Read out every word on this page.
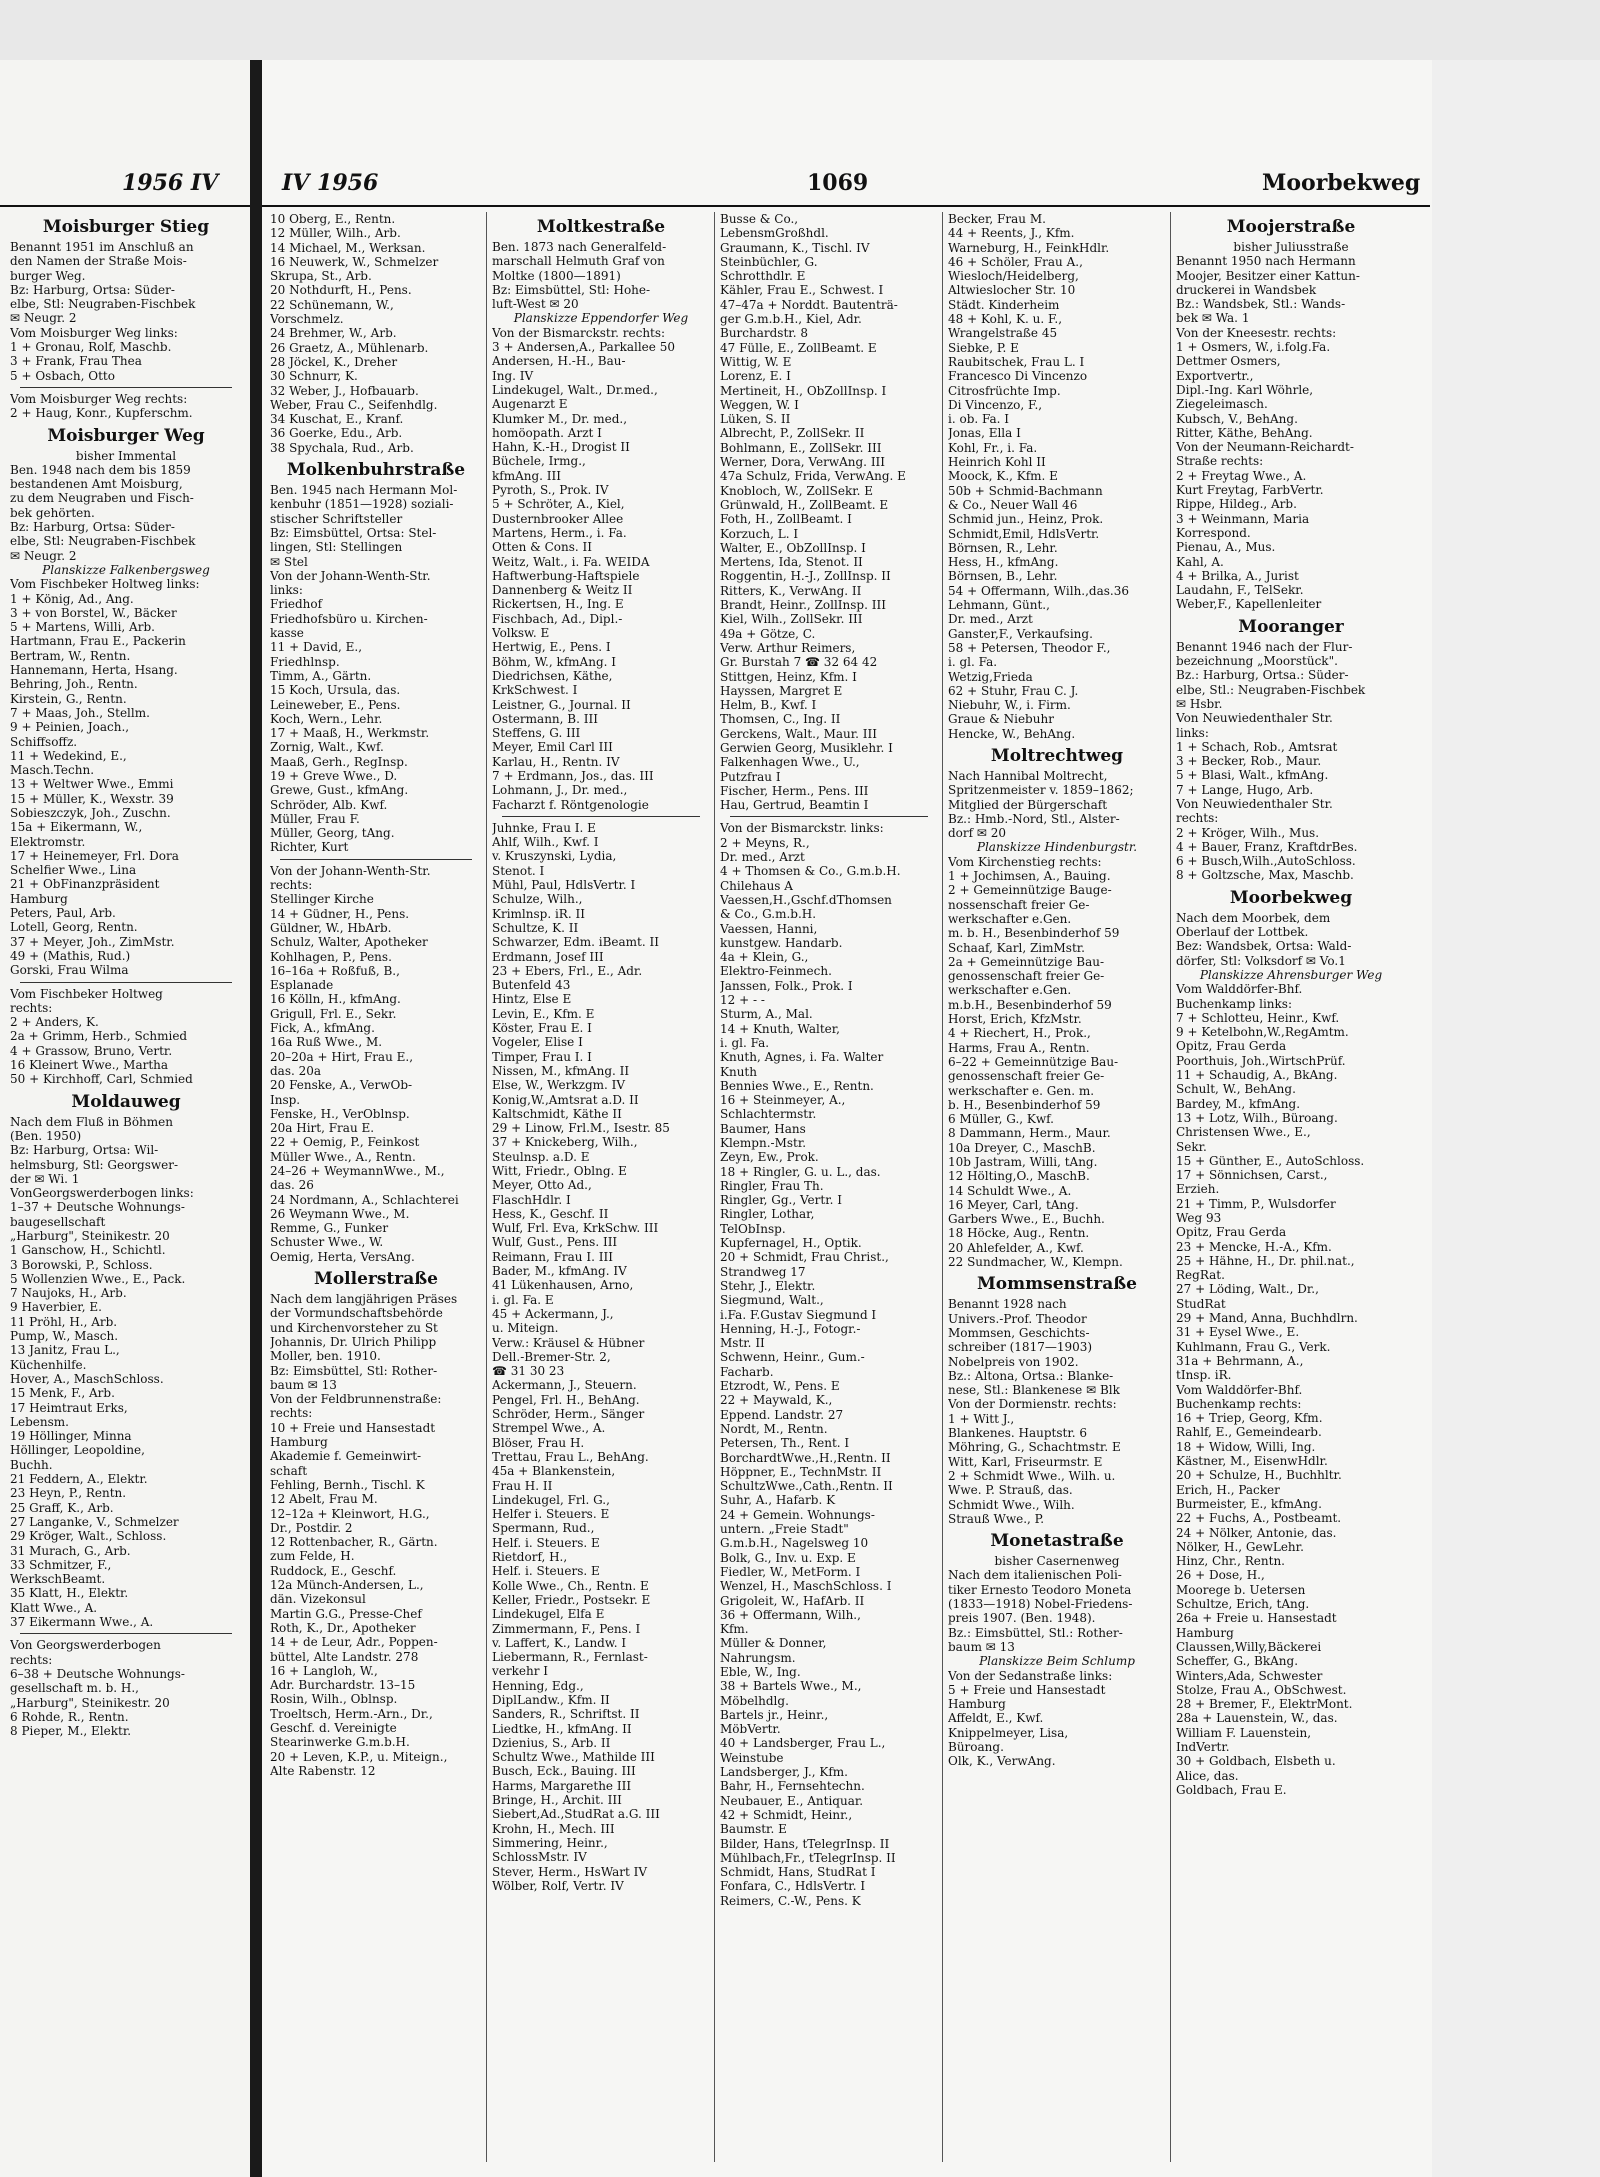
1956 IV
Moisburger Stieg
Benannt 1951 im Anschluß an
den Namen der Straße Mois-
burger Weg.
Bz: Harburg, Ortsa: Süder-
elbe, Stl: Neugraben-Fischbek
✉ Neugr. 2
Vom Moisburger Weg links:
1 + Gronau, Rolf, Maschb.
3 + Frank, Frau Thea
5 + Osbach, Otto
Vom Moisburger Weg rechts:
2 + Haug, Konr., Kupferschm.
Moisburger Weg
bisher Immental
Ben. 1948 nach dem bis 1859
bestandenen Amt Moisburg,
zu dem Neugraben und Fisch-
bek gehörten.
Bz: Harburg, Ortsa: Süder-
elbe, Stl: Neugraben-Fischbek
✉ Neugr. 2
Planskizze Falkenbergsweg
Vom Fischbeker Holtweg links:
1 + König, Ad., Ang.
3 + von Borstel, W., Bäcker
5 + Martens, Willi, Arb.
Hartmann, Frau E., Packerin
Bertram, W., Rentn.
Hannemann, Herta, Hsang.
Behring, Joh., Rentn.
Kirstein, G., Rentn.
7 + Maas, Joh., Stellm.
9 + Peinien, Joach.,
Schiffsoffz.
11 + Wedekind, E.,
Masch.Techn.
13 + Weltwer Wwe., Emmi
15 + Müller, K., Wexstr. 39
Sobieszczyk, Joh., Zuschn.
15a + Eikermann, W.,
Elektromstr.
17 + Heinemeyer, Frl. Dora
Schelfier Wwe., Lina
21 + ObFinanzpräsident
Hamburg
Peters, Paul, Arb.
Lotell, Georg, Rentn.
37 + Meyer, Joh., ZimMstr.
49 + (Mathis, Rud.)
Gorski, Frau Wilma
Vom Fischbeker Holtweg
rechts:
2 + Anders, K.
2a + Grimm, Herb., Schmied
4 + Grassow, Bruno, Vertr.
16 Kleinert Wwe., Martha
50 + Kirchhoff, Carl, Schmied
Moldauweg
Nach dem Fluß in Böhmen
(Ben. 1950)
Bz: Harburg, Ortsa: Wil-
helmsburg, Stl: Georgswer-
der ✉ Wi. 1
VonGeorgswerderbogen links:
1–37 + Deutsche Wohnungs-
baugesellschaft
„Harburg", Steinikestr. 20
1 Ganschow, H., Schichtl.
3 Borowski, P., Schloss.
5 Wollenzien Wwe., E., Pack.
7 Naujoks, H., Arb.
9 Haverbier, E.
11 Pröhl, H., Arb.
Pump, W., Masch.
13 Janitz, Frau L.,
Küchenhilfe.
Hover, A., MaschSchloss.
15 Menk, F., Arb.
17 Heimtraut Erks,
Lebensm.
19 Höllinger, Minna
Höllinger, Leopoldine,
Buchh.
21 Feddern, A., Elektr.
23 Heyn, P., Rentn.
25 Graff, K., Arb.
27 Langanke, V., Schmelzer
29 Kröger, Walt., Schloss.
31 Murach, G., Arb.
33 Schmitzer, F.,
WerkschBeamt.
35 Klatt, H., Elektr.
Klatt Wwe., A.
37 Eikermann Wwe., A.
Von Georgswerderbogen
rechts:
6–38 + Deutsche Wohnungs-
gesellschaft m. b. H.,
„Harburg", Steinikestr. 20
6 Rohde, R., Rentn.
8 Pieper, M., Elektr.
IV 1956	1069	Moorbekweg
10 Oberg, E., Rentn.
12 Müller, Wilh., Arb.
14 Michael, M., Werksan.
16 Neuwerk, W., Schmelzer
Skrupa, St., Arb.
20 Nothdurft, H., Pens.
22 Schünemann, W.,
Vorschmelz.
24 Brehmer, W., Arb.
26 Graetz, A., Mühlenarb.
28 Jöckel, K., Dreher
30 Schnurr, K.
32 Weber, J., Hofbauarb.
Weber, Frau C., Seifenhdlg.
34 Kuschat, E., Kranf.
36 Goerke, Edu., Arb.
38 Spychala, Rud., Arb.
Molkenbuhrstraße
Ben. 1945 nach Hermann Mol-
kenbuhr (1851—1928) soziali-
stischer Schriftsteller
Bz: Eimsbüttel, Ortsa: Stel-
lingen, Stl: Stellingen
✉ Stel
Von der Johann-Wenth-Str.
links:
Friedhof
Friedhofsbüro u. Kirchen-
kasse
11 + David, E.,
Friedhlnsp.
Timm, A., Gärtn.
15 Koch, Ursula, das.
Leineweber, E., Pens.
Koch, Wern., Lehr.
17 + Maaß, H., Werkmstr.
Zornig, Walt., Kwf.
Maaß, Gerh., RegInsp.
19 + Greve Wwe., D.
Grewe, Gust., kfmAng.
Schröder, Alb. Kwf.
Müller, Frau F.
Müller, Georg, tAng.
Richter, Kurt
Von der Johann-Wenth-Str.
rechts:
Stellinger Kirche
14 + Güdner, H., Pens.
Güldner, W., HbArb.
Schulz, Walter, Apotheker
Kohlhagen, P., Pens.
16–16a + Roßfuß, B.,
Esplanade
16 Kölln, H., kfmAng.
Grigull, Frl. E., Sekr.
Fick, A., kfmAng.
16a Ruß Wwe., M.
20–20a + Hirt, Frau E.,
das. 20a
20 Fenske, A., VerwOb-
Insp.
Fenske, H., VerOblnsp.
20a Hirt, Frau E.
22 + Oemig, P., Feinkost
Müller Wwe., A., Rentn.
24–26 + WeymannWwe., M.,
das. 26
24 Nordmann, A., Schlachterei
26 Weymann Wwe., M.
Remme, G., Funker
Schuster Wwe., W.
Oemig, Herta, VersAng.
Mollerstraße
Nach dem langjährigen Präses
der Vormundschaftsbehörde
und Kirchenvorsteher zu St
Johannis, Dr. Ulrich Philipp
Moller, ben. 1910.
Bz: Eimsbüttel, Stl: Rother-
baum ✉ 13
Von der Feldbrunnenstraße:
rechts:
10 + Freie und Hansestadt
Hamburg
Akademie f. Gemeinwirt-
schaft
Fehling, Bernh., Tischl. K
12 Abelt, Frau M.
12–12a + Kleinwort, H.G.,
Dr., Postdir. 2
12 Rottenbacher, R., Gärtn.
zum Felde, H.
Ruddock, E., Geschf.
12a Münch-Andersen, L.,
dän. Vizekonsul
Martin G.G., Presse-Chef
Roth, K., Dr., Apotheker
14 + de Leur, Adr., Poppen-
büttel, Alte Landstr. 278
16 + Langloh, W.,
Adr. Burchardstr. 13–15
Rosin, Wilh., Oblnsp.
Troeltsch, Herm.-Arn., Dr.,
Geschf. d. Vereinigte
Stearinwerke G.m.b.H.
20 + Leven, K.P., u. Miteign.,
Alte Rabenstr. 12
Moltkestraße
Ben. 1873 nach Generalfeld-
marschall Helmuth Graf von
Moltke (1800—1891)
Bz: Eimsbüttel, Stl: Hohe-
luft-West ✉ 20
Planskizze Eppendorfer Weg
Von der Bismarckstr. rechts:
3 + Andersen,A., Parkallee 50
Andersen, H.-H., Bau-
Ing. IV
Lindekugel, Walt., Dr.med.,
Augenarzt E
Klumker M., Dr. med.,
homöopath. Arzt I
Hahn, K.-H., Drogist II
Büchele, Irmg.,
kfmAng. III
Pyroth, S., Prok. IV
5 + Schröter, A., Kiel,
Dusternbrooker Allee
Martens, Herm., i. Fa.
Otten & Cons. II
Weitz, Walt., i. Fa. WEIDA
Haftwerbung-Haftspiele
Dannenberg & Weitz II
Rickertsen, H., Ing. E
Fischbach, Ad., Dipl.-
Volksw. E
Hertwig, E., Pens. I
Böhm, W., kfmAng. I
Diedrichsen, Käthe,
KrkSchwest. I
Leistner, G., Journal. II
Ostermann, B. III
Steffens, G. III
Meyer, Emil Carl III
Karlau, H., Rentn. IV
7 + Erdmann, Jos., das. III
Lohmann, J., Dr. med.,
Facharzt f. Röntgenologie
Juhnke, Frau I. E
Ahlf, Wilh., Kwf. I
v. Kruszynski, Lydia,
Stenot. I
Mühl, Paul, HdlsVertr. I
Schulze, Wilh.,
Krimlnsp. iR. II
Schultze, K. II
Schwarzer, Edm. iBeamt. II
Erdmann, Josef III
23 + Ebers, Frl., E., Adr.
Butenfeld 43
Hintz, Else E
Levin, E., Kfm. E
Köster, Frau E. I
Vogeler, Elise I
Timper, Frau I. I
Nissen, M., kfmAng. II
Else, W., Werkzgm. IV
Konig,W.,Amtsrat a.D. II
Kaltschmidt, Käthe II
29 + Linow, Frl.M., Isestr. 85
37 + Knickeberg, Wilh.,
Steulnsp. a.D. E
Witt, Friedr., Oblng. E
Meyer, Otto Ad.,
FlaschHdlr. I
Hess, K., Geschf. II
Wulf, Frl. Eva, KrkSchw. III
Wulf, Gust., Pens. III
Reimann, Frau I. III
Bader, M., kfmAng. IV
41 Lükenhausen, Arno,
i. gl. Fa. E
45 + Ackermann, J.,
u. Miteign.
Verw.: Kräusel & Hübner
Dell.-Bremer-Str. 2,
☎ 31 30 23
Ackermann, J., Steuern.
Pengel, Frl. H., BehAng.
Schröder, Herm., Sänger
Strempel Wwe., A.
Blöser, Frau H.
Trettau, Frau L., BehAng.
45a + Blankenstein,
Frau H. II
Lindekugel, Frl. G.,
Helfer i. Steuers. E
Spermann, Rud.,
Helf. i. Steuers. E
Rietdorf, H.,
Helf. i. Steuers. E
Kolle Wwe., Ch., Rentn. E
Keller, Friedr., Postsekr. E
Lindekugel, Elfa E
Zimmermann, F., Pens. I
v. Laffert, K., Landw. I
Liebermann, R., Fernlast-
verkehr I
Henning, Edg.,
DiplLandw., Kfm. II
Sanders, R., Schriftst. II
Liedtke, H., kfmAng. II
Dzienius, S., Arb. II
Schultz Wwe., Mathilde III
Busch, Eck., Bauing. III
Harms, Margarethe III
Bringe, H., Archit. III
Siebert,Ad.,StudRat a.G. III
Krohn, H., Mech. III
Simmering, Heinr.,
SchlossMstr. IV
Stever, Herm., HsWart IV
Wölber, Rolf, Vertr. IV
Busse & Co.,
LebensmGroßhdl.
Graumann, K., Tischl. IV
Steinbüchler, G.
Schrotthdlr. E
Kähler, Frau E., Schwest. I
47–47a + Norddt. Bautenträ-
ger G.m.b.H., Kiel, Adr.
Burchardstr. 8
47 Fülle, E., ZollBeamt. E
Wittig, W. E
Lorenz, E. I
Mertineit, H., ObZollInsp. I
Weggen, W. I
Lüken, S. II
Albrecht, P., ZollSekr. II
Bohlmann, E., ZollSekr. III
Werner, Dora, VerwAng. III
47a Schulz, Frida, VerwAng. E
Knobloch, W., ZollSekr. E
Grünwald, H., ZollBeamt. E
Foth, H., ZollBeamt. I
Korzuch, L. I
Walter, E., ObZollInsp. I
Mertens, Ida, Stenot. II
Roggentin, H.-J., ZollInsp. II
Ritters, K., VerwAng. II
Brandt, Heinr., ZollInsp. III
Kiel, Wilh., ZollSekr. III
49a + Götze, C.
Verw. Arthur Reimers,
Gr. Burstah 7 ☎ 32 64 42
Stittgen, Heinz, Kfm. I
Hayssen, Margret E
Helm, B., Kwf. I
Thomsen, C., Ing. II
Gerckens, Walt., Maur. III
Gerwien Georg, Musiklehr. I
Falkenhagen Wwe., U.,
Putzfrau I
Fischer, Herm., Pens. III
Hau, Gertrud, Beamtin I
Von der Bismarckstr. links:
2 + Meyns, R.,
Dr. med., Arzt
4 + Thomsen & Co., G.m.b.H.
Chilehaus A
Vaessen,H.,Gschf.dThomsen
& Co., G.m.b.H.
Vaessen, Hanni,
kunstgew. Handarb.
4a + Klein, G.,
Elektro-Feinmech.
Janssen, Folk., Prok. I
12 + - -
Sturm, A., Mal.
14 + Knuth, Walter,
i. gl. Fa.
Knuth, Agnes, i. Fa. Walter
Knuth
Bennies Wwe., E., Rentn.
16 + Steinmeyer, A.,
Schlachtermstr.
Baumer, Hans
Klempn.-Mstr.
Zeyn, Ew., Prok.
18 + Ringler, G. u. L., das.
Ringler, Frau Th.
Ringler, Gg., Vertr. I
Ringler, Lothar,
TelObInsp.
Kupfernagel, H., Optik.
20 + Schmidt, Frau Christ.,
Strandweg 17
Stehr, J., Elektr.
Siegmund, Walt.,
i.Fa. F.Gustav Siegmund I
Henning, H.-J., Fotogr.-
Mstr. II
Schwenn, Heinr., Gum.-
Facharb.
Etzrodt, W., Pens. E
22 + Maywald, K.,
Eppend. Landstr. 27
Nordt, M., Rentn.
Petersen, Th., Rent. I
BorchardtWwe.,H.,Rentn. II
Höppner, E., TechnMstr. II
SchultzWwe.,Cath.,Rentn. II
Suhr, A., Hafarb. K
24 + Gemein. Wohnungs-
untern. „Freie Stadt"
G.m.b.H., Nagelsweg 10
Bolk, G., Inv. u. Exp. E
Fiedler, W., MetForm. I
Wenzel, H., MaschSchloss. I
Grigoleit, W., HafArb. II
36 + Offermann, Wilh.,
Kfm.
Müller & Donner,
Nahrungsm.
Eble, W., Ing.
38 + Bartels Wwe., M.,
Möbelhdlg.
Bartels jr., Heinr.,
MöbVertr.
40 + Landsberger, Frau L.,
Weinstube
Landsberger, J., Kfm.
Bahr, H., Fernsehtechn.
Neubauer, E., Antiquar.
42 + Schmidt, Heinr.,
Baumstr. E
Bilder, Hans, tTelegrInsp. II
Mühlbach,Fr., tTelegrInsp. II
Schmidt, Hans, StudRat I
Fonfara, C., HdlsVertr. I
Reimers, C.-W., Pens. K
Becker, Frau M.
44 + Reents, J., Kfm.
Warneburg, H., FeinkHdlr.
46 + Schöler, Frau A.,
Wiesloch/Heidelberg,
Altwieslocher Str. 10
Städt. Kinderheim
48 + Kohl, K. u. F.,
Wrangelstraße 45
Siebke, P. E
Raubitschek, Frau L. I
Francesco Di Vincenzo
Citrosfrüchte Imp.
Di Vincenzo, F.,
i. ob. Fa. I
Jonas, Ella I
Kohl, Fr., i. Fa.
Heinrich Kohl II
Moock, K., Kfm. E
50b + Schmid-Bachmann
& Co., Neuer Wall 46
Schmid jun., Heinz, Prok.
Schmidt,Emil, HdlsVertr.
Börnsen, R., Lehr.
Hess, H., kfmAng.
Börnsen, B., Lehr.
54 + Offermann, Wilh.,das.36
Lehmann, Günt.,
Dr. med., Arzt
Ganster,F., Verkaufsing.
58 + Petersen, Theodor F.,
i. gl. Fa.
Wetzig,Frieda
62 + Stuhr, Frau C. J.
Niebuhr, W., i. Firm.
Graue & Niebuhr
Hencke, W., BehAng.
Moltrechtweg
Nach Hannibal Moltrecht,
Spritzenmeister v. 1859–1862;
Mitglied der Bürgerschaft
Bz.: Hmb.-Nord, Stl., Alster-
dorf ✉ 20
Planskizze Hindenburgstr.
Vom Kirchenstieg rechts:
1 + Jochimsen, A., Bauing.
2 + Gemeinnützige Bauge-
nossenschaft freier Ge-
werkschafter e.Gen.
m. b. H., Besenbinderhof 59
Schaaf, Karl, ZimMstr.
2a + Gemeinnützige Bau-
genossenschaft freier Ge-
werkschafter e.Gen.
m.b.H., Besenbinderhof 59
Horst, Erich, KfzMstr.
4 + Riechert, H., Prok.,
Harms, Frau A., Rentn.
6–22 + Gemeinnützige Bau-
genossenschaft freier Ge-
werkschafter e. Gen. m.
b. H., Besenbinderhof 59
6 Müller, G., Kwf.
8 Dammann, Herm., Maur.
10a Dreyer, C., MaschB.
10b Jastram, Willi, tAng.
12 Hölting,O., MaschB.
14 Schuldt Wwe., A.
16 Meyer, Carl, tAng.
Garbers Wwe., E., Buchh.
18 Höcke, Aug., Rentn.
20 Ahlefelder, A., Kwf.
22 Sundmacher, W., Klempn.
Mommsenstraße
Benannt 1928 nach
Univers.-Prof. Theodor
Mommsen, Geschichts-
schreiber (1817—1903)
Nobelpreis von 1902.
Bz.: Altona, Ortsa.: Blanke-
nese, Stl.: Blankenese ✉ Blk
Von der Dormienstr. rechts:
1 + Witt J.,
Blankenes. Hauptstr. 6
Möhring, G., Schachtmstr. E
Witt, Karl, Friseurmstr. E
2 + Schmidt Wwe., Wilh. u.
Wwe. P. Strauß, das.
Schmidt Wwe., Wilh.
Strauß Wwe., P.
Monetastraße
bisher Casernenweg
Nach dem italienischen Poli-
tiker Ernesto Teodoro Moneta
(1833—1918) Nobel-Friedens-
preis 1907. (Ben. 1948).
Bz.: Eimsbüttel, Stl.: Rother-
baum ✉ 13
Planskizze Beim Schlump
Von der Sedanstraße links:
5 + Freie und Hansestadt
Hamburg
Affeldt, E., Kwf.
Knippelmeyer, Lisa,
Büroang.
Olk, K., VerwAng.
Moojerstraße
bisher Juliusstraße
Benannt 1950 nach Hermann
Moojer, Besitzer einer Kattun-
druckerei in Wandsbek
Bz.: Wandsbek, Stl.: Wands-
bek ✉ Wa. 1
Von der Kneesestr. rechts:
1 + Osmers, W., i.folg.Fa.
Dettmer Osmers,
Exportvertr.,
Dipl.-Ing. Karl Wöhrle,
Ziegeleimasch.
Kubsch, V., BehAng.
Ritter, Käthe, BehAng.
Von der Neumann-Reichardt-
Straße rechts:
2 + Freytag Wwe., A.
Kurt Freytag, FarbVertr.
Rippe, Hildeg., Arb.
3 + Weinmann, Maria
Korrespond.
Pienau, A., Mus.
Kahl, A.
4 + Brilka, A., Jurist
Laudahn, F., TelSekr.
Weber,F., Kapellenleiter
Mooranger
Benannt 1946 nach der Flur-
bezeichnung „Moorstück".
Bz.: Harburg, Ortsa.: Süder-
elbe, Stl.: Neugraben-Fischbek
✉ Hsbr.
Von Neuwiedenthaler Str.
links:
1 + Schach, Rob., Amtsrat
3 + Becker, Rob., Maur.
5 + Blasi, Walt., kfmAng.
7 + Lange, Hugo, Arb.
Von Neuwiedenthaler Str.
rechts:
2 + Kröger, Wilh., Mus.
4 + Bauer, Franz, KraftdrBes.
6 + Busch,Wilh.,AutoSchloss.
8 + Goltzsche, Max, Maschb.
Moorbekweg
Nach dem Moorbek, dem
Oberlauf der Lottbek.
Bez: Wandsbek, Ortsa: Wald-
dörfer, Stl: Volksdorf ✉ Vo.1
Planskizze Ahrensburger Weg
Vom Walddörfer-Bhf.
Buchenkamp links:
7 + Schlotteu, Heinr., Kwf.
9 + Ketelbohn,W.,RegAmtm.
Opitz, Frau Gerda
Poorthuis, Joh.,WirtschPrüf.
11 + Schaudig, A., BkAng.
Schult, W., BehAng.
Bardey, M., kfmAng.
13 + Lotz, Wilh., Büroang.
Christensen Wwe., E.,
Sekr.
15 + Günther, E., AutoSchloss.
17 + Sönnichsen, Carst.,
Erzieh.
21 + Timm, P., Wulsdorfer
Weg 93
Opitz, Frau Gerda
23 + Mencke, H.-A., Kfm.
25 + Hähne, H., Dr. phil.nat.,
RegRat.
27 + Löding, Walt., Dr.,
StudRat
29 + Mand, Anna, Buchhdlrn.
31 + Eysel Wwe., E.
Kuhlmann, Frau G., Verk.
31a + Behrmann, A.,
tInsp. iR.
Vom Walddörfer-Bhf.
Buchenkamp rechts:
16 + Triep, Georg, Kfm.
Rahlf, E., Gemeindearb.
18 + Widow, Willi, Ing.
Kästner, M., EisenwHdlr.
20 + Schulze, H., Buchhltr.
Erich, H., Packer
Burmeister, E., kfmAng.
22 + Fuchs, A., Postbeamt.
24 + Nölker, Antonie, das.
Nölker, H., GewLehr.
Hinz, Chr., Rentn.
26 + Dose, H.,
Moorege b. Uetersen
Schultze, Erich, tAng.
26a + Freie u. Hansestadt
Hamburg
Claussen,Willy,Bäckerei
Scheffer, G., BkAng.
Winters,Ada, Schwester
Stolze, Frau A., ObSchwest.
28 + Bremer, F., ElektrMont.
28a + Lauenstein, W., das.
William F. Lauenstein,
IndVertr.
30 + Goldbach, Elsbeth u.
Alice, das.
Goldbach, Frau E.
